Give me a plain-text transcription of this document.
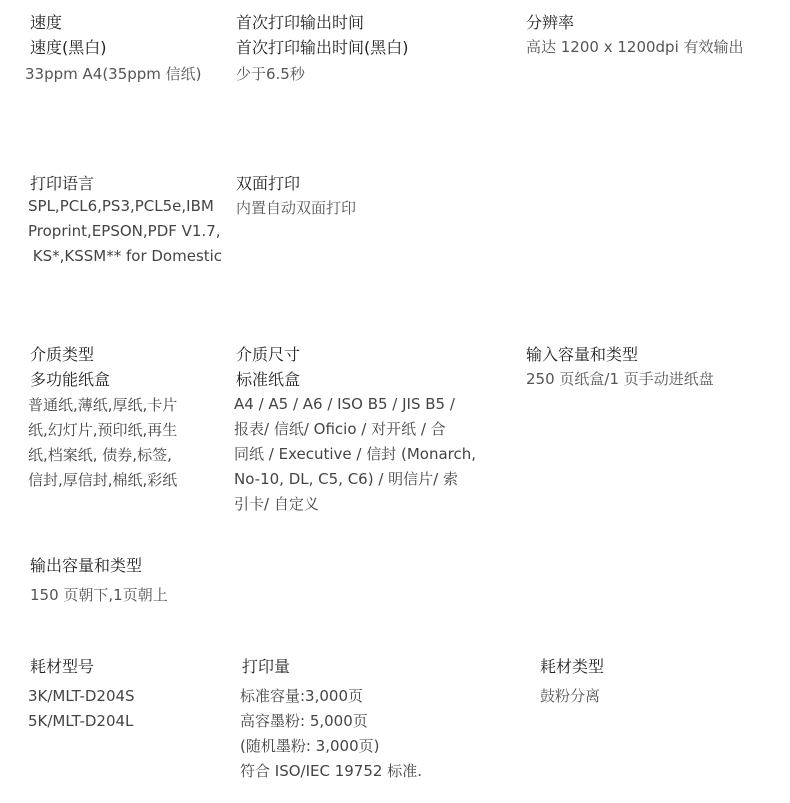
速度
速度(黑白)
33ppm A4(35ppm 信纸)
首次打印输出时间
首次打印输出时间(黑白)
少于6.5秒
分辨率
高达 1200 x 1200dpi 有效输出
打印语言
SPL,PCL6,PS3,PCL5e,IBM
Proprint,EPSON,PDF V1.7,
KS*,KSSM** for Domestic
双面打印
内置自动双面打印
介质类型
多功能纸盒
普通纸,薄纸,厚纸,卡片
纸,幻灯片,预印纸,再生
纸,档案纸, 债券,标签,
信封,厚信封,棉纸,彩纸
介质尺寸
标准纸盒
A4 / A5 / A6 / ISO B5 / JIS B5 /
报表/ 信纸/ Oficio / 对开纸 / 合
同纸 / Executive / 信封 (Monarch,
No-10, DL, C5, C6) / 明信片/ 索
引卡/ 自定义
输入容量和类型
250 页纸盒/1 页手动进纸盘
输出容量和类型
150 页朝下,1页朝上
耗材型号
3K/MLT-D204S
5K/MLT-D204L
打印量
标准容量:3,000页
高容墨粉: 5,000页
(随机墨粉: 3,000页)
符合 ISO/IEC 19752 标准.
耗材类型
鼓粉分离
